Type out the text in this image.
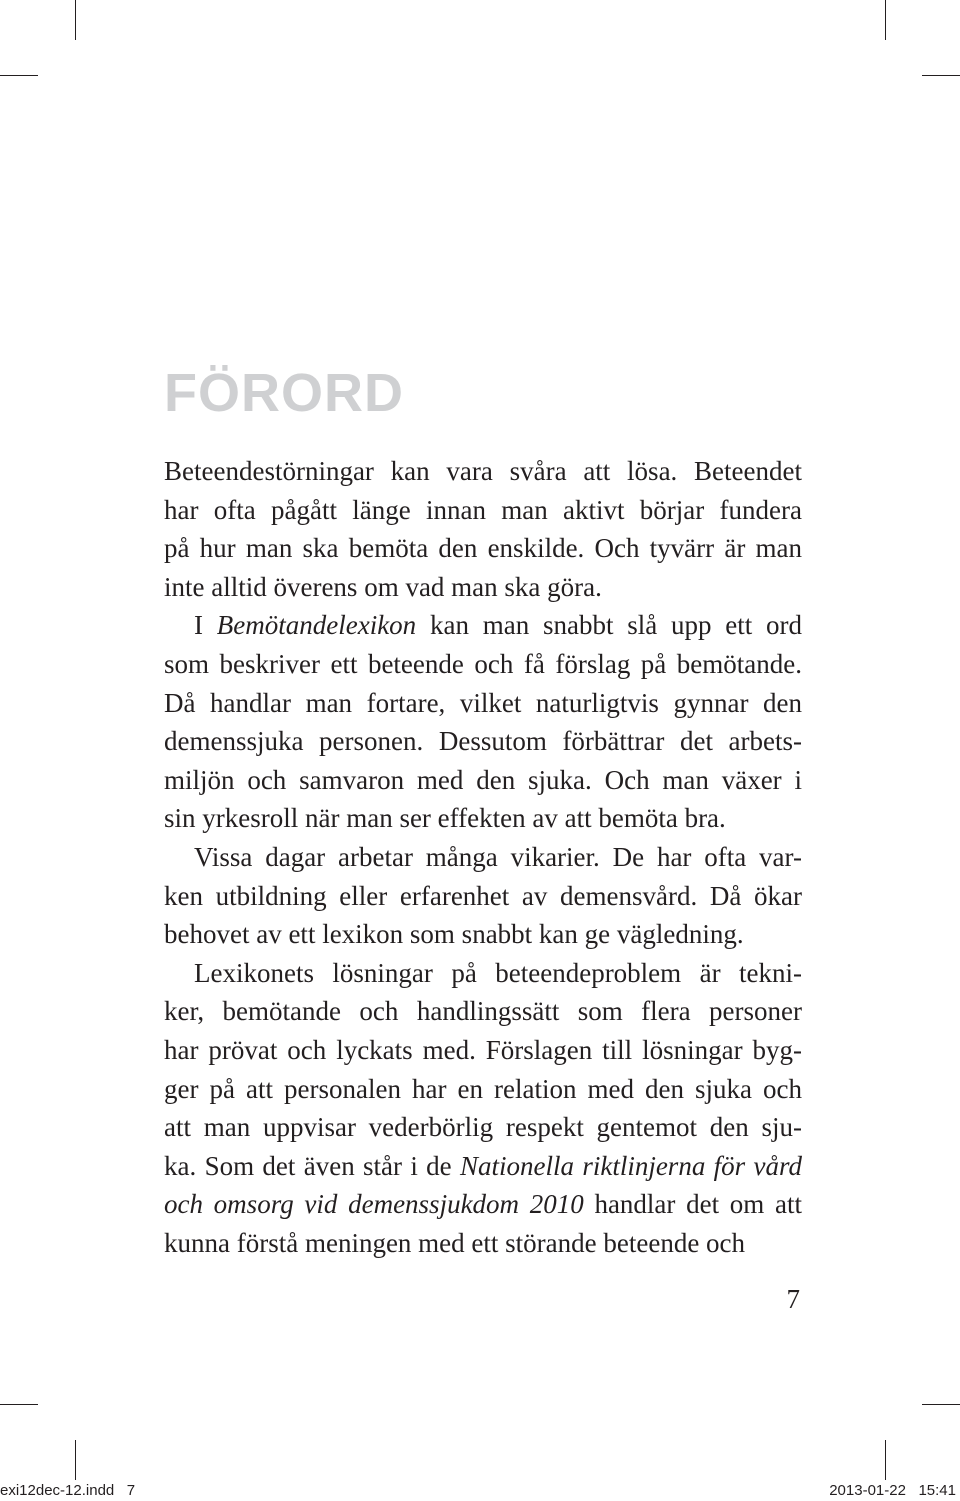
FÖRORD
Beteendestörningar kan vara svåra att lösa. Beteendet
har ofta pågått länge innan man aktivt börjar fundera
på hur man ska bemöta den enskilde. Och tyvärr är man
inte alltid överens om vad man ska göra.
I Bemötandelexikon kan man snabbt slå upp ett ord
som beskriver ett beteende och få förslag på bemötande.
Då handlar man fortare, vilket naturligtvis gynnar den
demenssjuka personen. Dessutom förbättrar det arbets-
miljön och samvaron med den sjuka. Och man växer i
sin yrkesroll när man ser effekten av att bemöta bra.
Vissa dagar arbetar många vikarier. De har ofta var-
ken utbildning eller erfarenhet av demensvård. Då ökar
behovet av ett lexikon som snabbt kan ge vägledning.
Lexikonets lösningar på beteendeproblem är tekni-
ker, bemötande och handlingssätt som flera personer
har prövat och lyckats med. Förslagen till lösningar byg-
ger på att personalen har en relation med den sjuka och
att man uppvisar vederbörlig respekt gentemot den sju-
ka. Som det även står i de Nationella riktlinjerna för vård
och omsorg vid demenssjukdom 2010 handlar det om att
kunna förstå meningen med ett störande beteende och
7
exi12dec-12.indd   7	2013-01-22   15:41
